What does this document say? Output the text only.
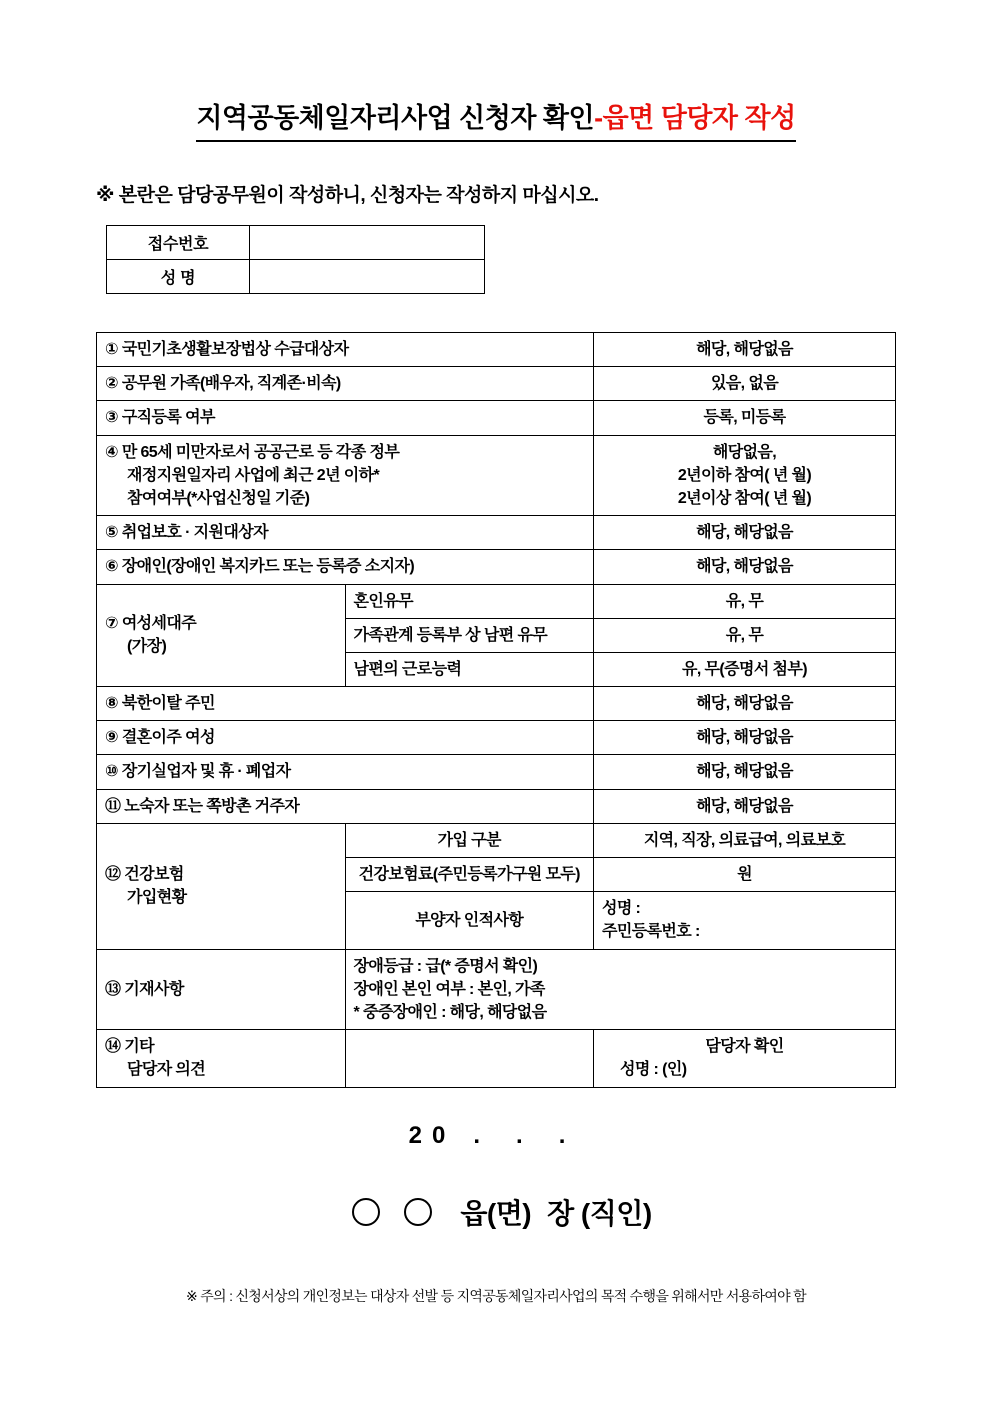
지역공동체일자리사업 신청자 확인-읍면 담당자 작성

※ 본란은 담당공무원이 작성하니, 신청자는 작성하지 마십시오.

접수번호	
성 명	
① 국민기초생활보장법상 수급대상자		해당, 해당없음
② 공무원 가족(배우자, 직계존·비속)		있음, 없음
③ 구직등록 여부		등록, 미등록

④ 만 65세 미만자로서 공공근로 등 각종 정부
재정지원일자리 사업에 최근 2년 이하*
참여여부(*사업신청일 기준)		해당없음,
2년이하 참여( 년 월)
2년이상 참여( 년 월)

⑤ 취업보호 · 지원대상자		해당, 해당없음
⑥ 장애인(장애인 복지카드 또는 등록증 소지자)		해당, 해당없음

⑦ 여성세대주
(가장)	혼인유무	유, 무
	가족관계 등록부 상 남편 유무	유, 무
	남편의 근로능력	유, 무(증명서 첨부)
⑧ 북한이탈 주민		해당, 해당없음
⑨ 결혼이주 여성		해당, 해당없음
⑩ 장기실업자 및 휴 · 폐업자		해당, 해당없음
⑪ 노숙자 또는 쪽방촌 거주자		해당, 해당없음

⑫ 건강보험
가입현황	가입 구분	지역, 직장, 의료급여, 의료보호
	건강보험료(주민등록가구원 모두)	원
	부양자 인적사항	성명 :
주민등록번호 :

⑬ 기재사항	장애등급 : 급(* 증명서 확인)
장애인 본인 여부 : 본인, 가족
* 중증장애인 : 해당, 해당없음	

⑭ 기타
담당자 의견		담당자 확인
성명 : (인)
20 . . .
읍(면) 장 (직인)
※ 주의 : 신청서상의 개인정보는 대상자 선발 등 지역공동체일자리사업의 목적 수행을 위해서만 서용하여야 함
